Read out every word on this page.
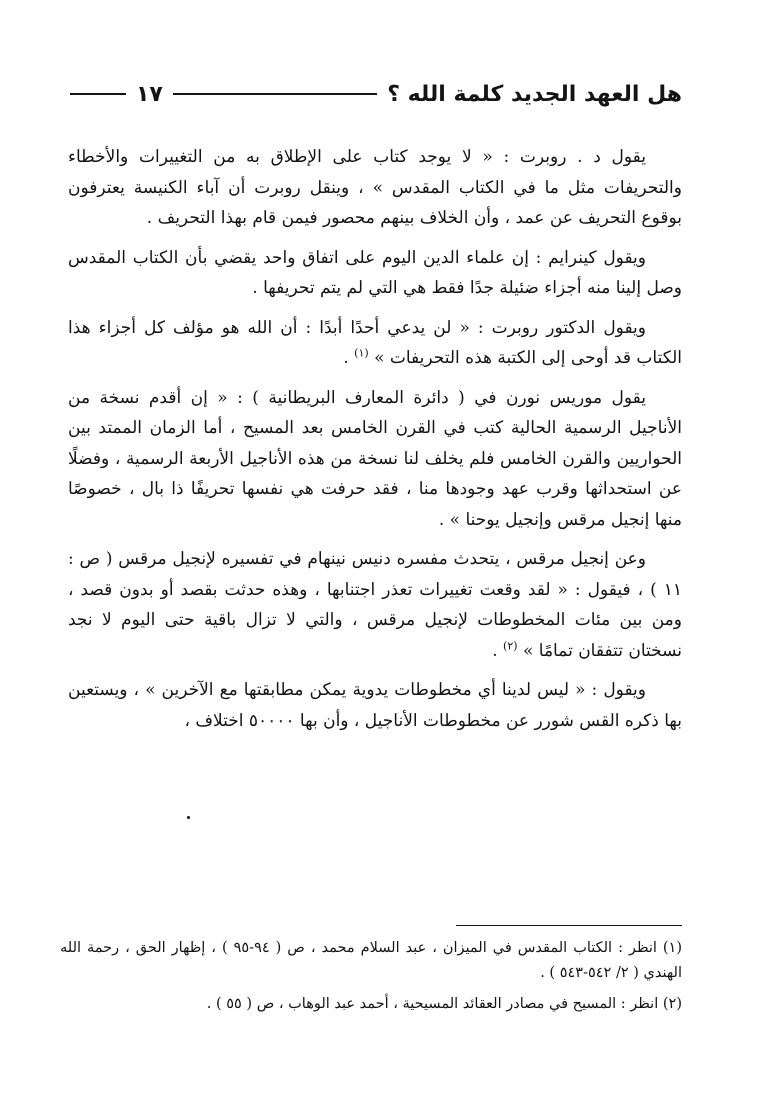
هل العهد الجديد كلمة الله ؟
١٧

يقول د . روبرت : « لا يوجد كتاب على الإطلاق به من التغييرات والأخطاء والتحريفات مثل ما في الكتاب المقدس » ، وينقل روبرت أن آباء الكنيسة يعترفون بوقوع التحريف عن عمد ، وأن الخلاف بينهم محصور فيمن قام بهذا التحريف .

ويقول كينرايم : إن علماء الدين اليوم على اتفاق واحد يقضي بأن الكتاب المقدس وصل إلينا منه أجزاء ضئيلة جدًا فقط هي التي لم يتم تحريفها .

ويقول الدكتور روبرت : « لن يدعي أحدًا أبدًا : أن الله هو مؤلف كل أجزاء هذا الكتاب قد أوحى إلى الكتبة هذه التحريفات » $^{(١)}$ .

يقول موريس نورن في ( دائرة المعارف البريطانية ) : « إن أقدم نسخة من الأناجيل الرسمية الحالية كتب في القرن الخامس بعد المسيح ، أما الزمان الممتد بين الحواريين والقرن الخامس فلم يخلف لنا نسخة من هذه الأناجيل الأربعة الرسمية ، وفضلًا عن استحداثها وقرب عهد وجودها منا ، فقد حرفت هي نفسها تحريفًا ذا بال ، خصوصًا منها إنجيل مرقس وإنجيل يوحنا » .

وعن إنجيل مرقس ، يتحدث مفسره دنيس نينهام في تفسيره لإنجيل مرقس ( ص : ١١ ) ، فيقول : « لقد وقعت تغييرات تعذر اجتنابها ، وهذه حدثت بقصد أو بدون قصد ، ومن بين مئات المخطوطات لإنجيل مرقس ، والتي لا تزال باقية حتى اليوم لا نجد نسختان تتفقان تمامًا » $^{(٢)}$ .

ويقول : « ليس لدينا أي مخطوطات يدوية يمكن مطابقتها مع الآخرين » ، ويستعين بها ذكره القس شورر عن مخطوطات الأناجيل ، وأن بها ٥٠٠٠٠ اختلاف ،

(١) انظر : الكتاب المقدس في الميزان ، عبد السلام محمد ، ص ( ٩٤-٩٥ ) ، إظهار الحق ، رحمة الله الهندي ( ٢/ ٥٤٢-٥٤٣ ) .

(٢) انظر : المسيح في مصادر العقائد المسيحية ، أحمد عبد الوهاب ، ص ( ٥٥ ) .
